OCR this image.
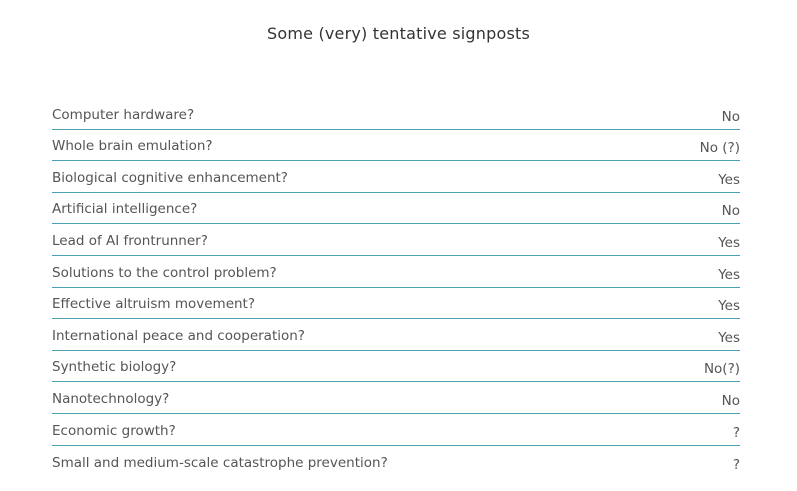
Some (very) tentative signposts
Computer hardware?	No
Whole brain emulation?	No (?)
Biological cognitive enhancement?	Yes
Artificial intelligence?	No
Lead of AI frontrunner?	Yes
Solutions to the control problem?	Yes
Effective altruism movement?	Yes
International peace and cooperation?	Yes
Synthetic biology?	No(?)
Nanotechnology?	No
Economic growth?	?
Small and medium-scale catastrophe prevention?	?
